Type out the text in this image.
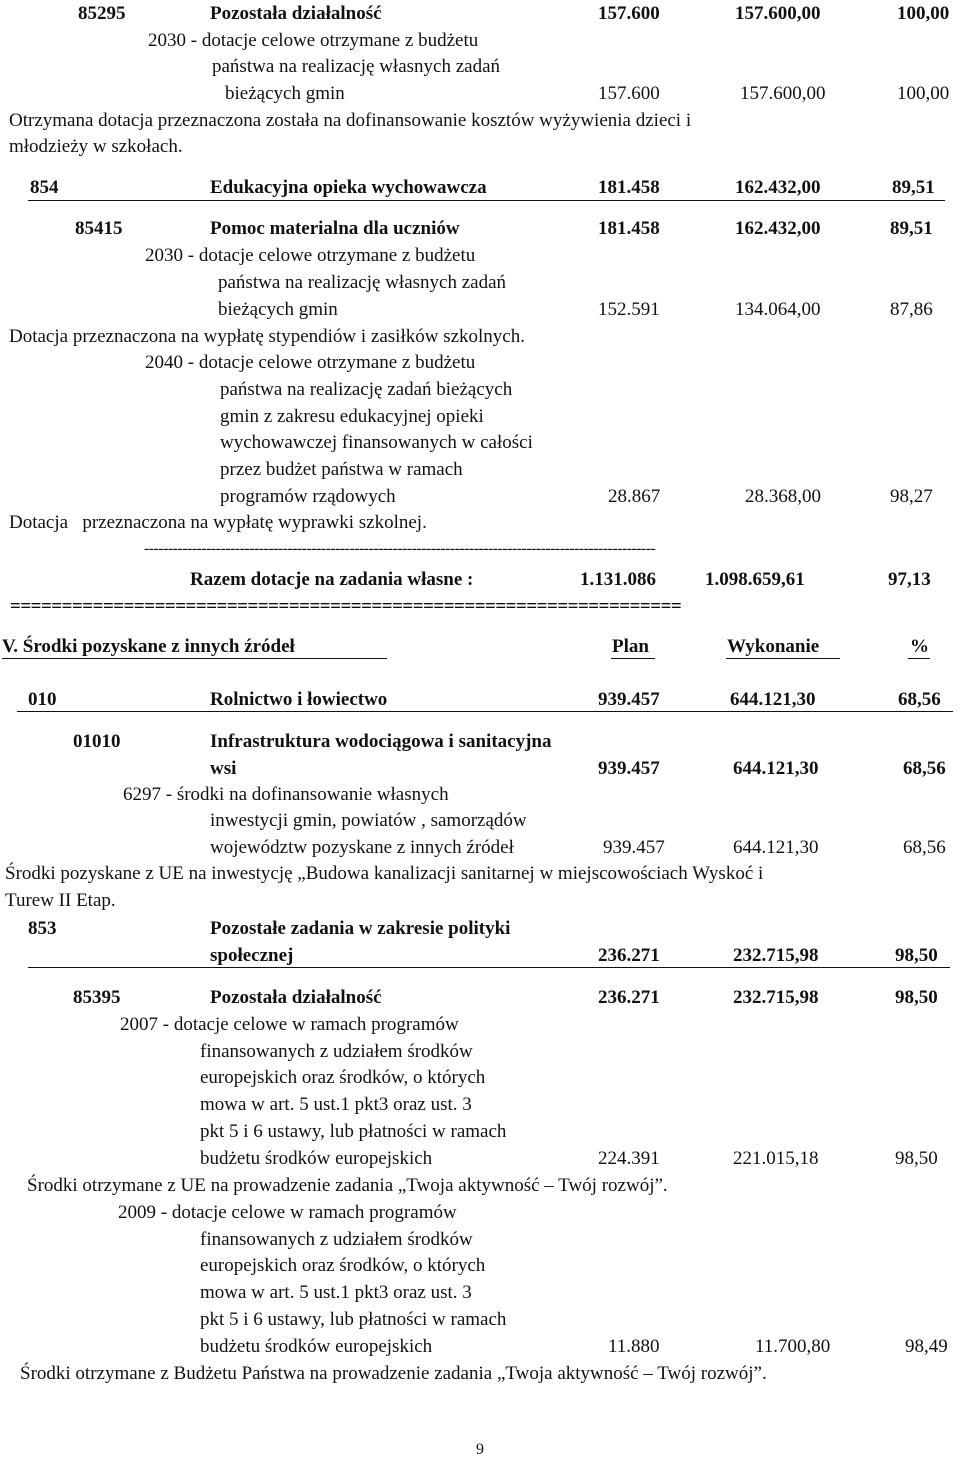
85295	Pozostała działalność	157.600	157.600,00	100,00
2030 - dotacje celowe otrzymane z budżetu
państwa na realizację własnych zadań
bieżących gmin	157.600	157.600,00	100,00
Otrzymana dotacja przeznaczona została na dofinansowanie kosztów wyżywienia dzieci i
młodzieży w szkołach.
854	Edukacyjna opieka wychowawcza	181.458	162.432,00	89,51
85415	Pomoc materialna dla uczniów	181.458	162.432,00	89,51
2030 - dotacje celowe otrzymane z budżetu
państwa na realizację własnych zadań
bieżących gmin	152.591	134.064,00	87,86
Dotacja przeznaczona na wypłatę stypendiów i zasiłków szkolnych.
2040 - dotacje celowe otrzymane z budżetu
państwa na realizację zadań bieżących
gmin z zakresu edukacyjnej opieki
wychowawczej finansowanych w całości
przez budżet państwa w ramach
programów rządowych	28.867	28.368,00	98,27
Dotacja przeznaczona na wypłatę wyprawki szkolnej.
-----------------------------------------------------------------------------------------------------------
Razem dotacje na zadania własne :	1.131.086	1.098.659,61	97,13
=================================================================
V. Środki pozyskane z innych źródeł	Plan	Wykonanie	%
010	Rolnictwo i łowiectwo	939.457	644.121,30	68,56
01010	Infrastruktura wodociągowa i sanitacyjna
wsi	939.457	644.121,30	68,56
6297 - środki na dofinansowanie własnych
inwestycji gmin, powiatów , samorządów
województw pozyskane z innych źródeł	939.457	644.121,30	68,56
Środki pozyskane z UE na inwestycję „Budowa kanalizacji sanitarnej w miejscowościach Wyskoć i
Turew II Etap.
853	Pozostałe zadania w zakresie polityki
społecznej	236.271	232.715,98	98,50
85395	Pozostała działalność	236.271	232.715,98	98,50
2007 - dotacje celowe w ramach programów
finansowanych z udziałem środków
europejskich oraz środków, o których
mowa w art. 5 ust.1 pkt3 oraz ust. 3
pkt 5 i 6 ustawy, lub płatności w ramach
budżetu środków europejskich	224.391	221.015,18	98,50
Środki otrzymane z UE na prowadzenie zadania „Twoja aktywność – Twój rozwój”.
2009 - dotacje celowe w ramach programów
finansowanych z udziałem środków
europejskich oraz środków, o których
mowa w art. 5 ust.1 pkt3 oraz ust. 3
pkt 5 i 6 ustawy, lub płatności w ramach
budżetu środków europejskich	11.880	11.700,80	98,49
Środki otrzymane z Budżetu Państwa na prowadzenie zadania „Twoja aktywność – Twój rozwój”.
9
